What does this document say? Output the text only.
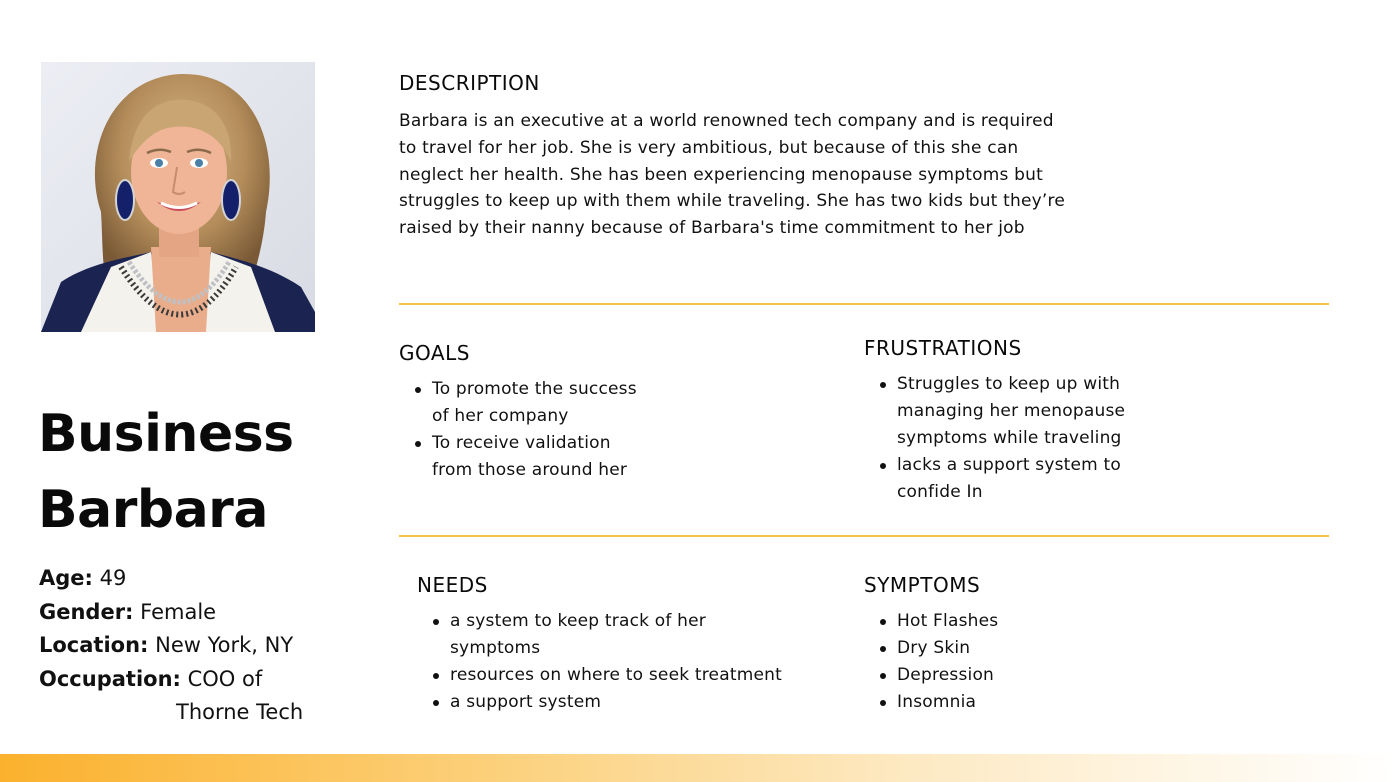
Business
Barbara
Age: 49
Gender: Female
Location: New York, NY
Occupation: COO of
Thorne Tech
DESCRIPTION
Barbara is an executive at a world renowned tech company and is required
to travel for her job. She is very ambitious, but because of this she can
neglect her health. She has been experiencing menopause symptoms but
struggles to keep up with them while traveling. She has two kids but they’re
raised by their nanny because of Barbara's time commitment to her job
GOALS
To promote the success
of her company
To receive validation
from those around her
FRUSTRATIONS
Struggles to keep up with
managing her menopause
symptoms while traveling
lacks a support system to
confide In
NEEDS
a system to keep track of her
symptoms
resources on where to seek treatment
a support system
SYMPTOMS
Hot Flashes
Dry Skin
Depression
Insomnia
